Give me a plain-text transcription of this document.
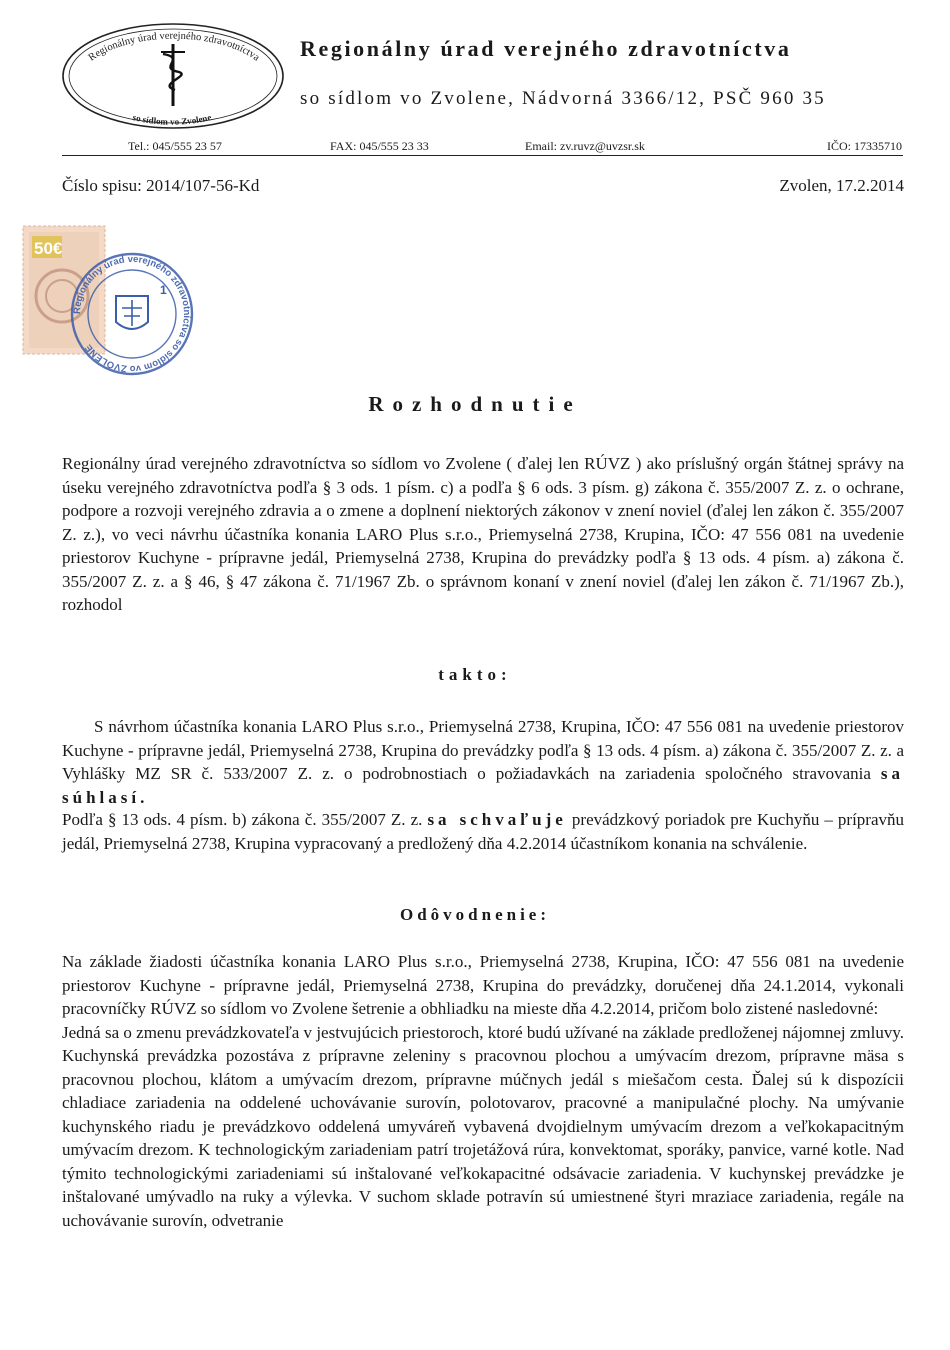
Regionálny úrad verejného zdravotníctva
so sídlom vo Zvolene
Regionálny úrad verejného zdravotníctva
so sídlom vo Zvolene, Nádvorná 3366/12, PSČ 960 35
Tel.: 045/555 23 57	FAX: 045/555 23 33	Email: zv.ruvz@uvzsr.sk	IČO: 17335710
Číslo spisu: 2014/107-56-Kd	Zvolen, 17.2.2014
50€
Regionálny úrad verejného zdravotníctva so sídlom vo ZVOLENE
1
Rozhodnutie
Regionálny úrad verejného zdravotníctva so sídlom vo Zvolene ( ďalej len RÚVZ ) ako príslušný orgán štátnej správy na úseku verejného zdravotníctva podľa § 3 ods. 1 písm. c) a podľa § 6 ods. 3 písm. g) zákona č. 355/2007 Z. z. o ochrane, podpore a rozvoji verejného zdravia a o zmene a doplnení niektorých zákonov v znení noviel (ďalej len zákon č. 355/2007 Z. z.), vo veci návrhu účastníka konania LARO Plus s.r.o., Priemyselná 2738, Krupina, IČO: 47 556 081 na uvedenie priestorov Kuchyne - prípravne jedál, Priemyselná 2738, Krupina do prevádzky podľa § 13 ods. 4 písm. a) zákona č. 355/2007 Z. z. a § 46, § 47 zákona č. 71/1967 Zb. o správnom konaní v znení noviel (ďalej len zákon č. 71/1967 Zb.), rozhodol
takto:
S návrhom účastníka konania LARO Plus s.r.o., Priemyselná 2738, Krupina, IČO: 47 556 081 na uvedenie priestorov Kuchyne - prípravne jedál, Priemyselná 2738, Krupina do prevádzky podľa § 13 ods. 4 písm. a) zákona č. 355/2007 Z. z. a Vyhlášky MZ SR č. 533/2007 Z. z. o podrobnostiach o požiadavkách na zariadenia spoločného stravovania sa súhlasí.
Podľa § 13 ods. 4 písm. b) zákona č. 355/2007 Z. z. sa schvaľuje prevádzkový poriadok pre Kuchyňu – prípravňu jedál, Priemyselná 2738, Krupina vypracovaný a predložený dňa 4.2.2014 účastníkom konania na schválenie.
Odôvodnenie:
Na základe žiadosti účastníka konania LARO Plus s.r.o., Priemyselná 2738, Krupina, IČO: 47 556 081 na uvedenie priestorov Kuchyne - prípravne jedál, Priemyselná 2738, Krupina do prevádzky, doručenej dňa 24.1.2014, vykonali pracovníčky RÚVZ so sídlom vo Zvolene šetrenie a obhliadku na mieste dňa 4.2.2014, pričom bolo zistené nasledovné:
Jedná sa o zmenu prevádzkovateľa v jestvujúcich priestoroch, ktoré budú užívané na základe predloženej nájomnej zmluvy. Kuchynská prevádzka pozostáva z prípravne zeleniny s pracovnou plochou a umývacím drezom, prípravne mäsa s pracovnou plochou, klátom a umývacím drezom, prípravne múčnych jedál s miešačom cesta. Ďalej sú k dispozícii chladiace zariadenia na oddelené uchovávanie surovín, polotovarov, pracovné a manipulačné plochy. Na umývanie kuchynského riadu je prevádzkovo oddelená umyváreň vybavená dvojdielnym umývacím drezom a veľkokapacitným umývacím drezom. K technologickým zariadeniam patrí trojetážová rúra, konvektomat, sporáky, panvice, varné kotle. Nad týmito technologickými zariadeniami sú inštalované veľkokapacitné odsávacie zariadenia. V kuchynskej prevádzke je inštalované umývadlo na ruky a výlevka. V suchom sklade potravín sú umiestnené štyri mraziace zariadenia, regále na uchovávanie surovín, odvetranie
